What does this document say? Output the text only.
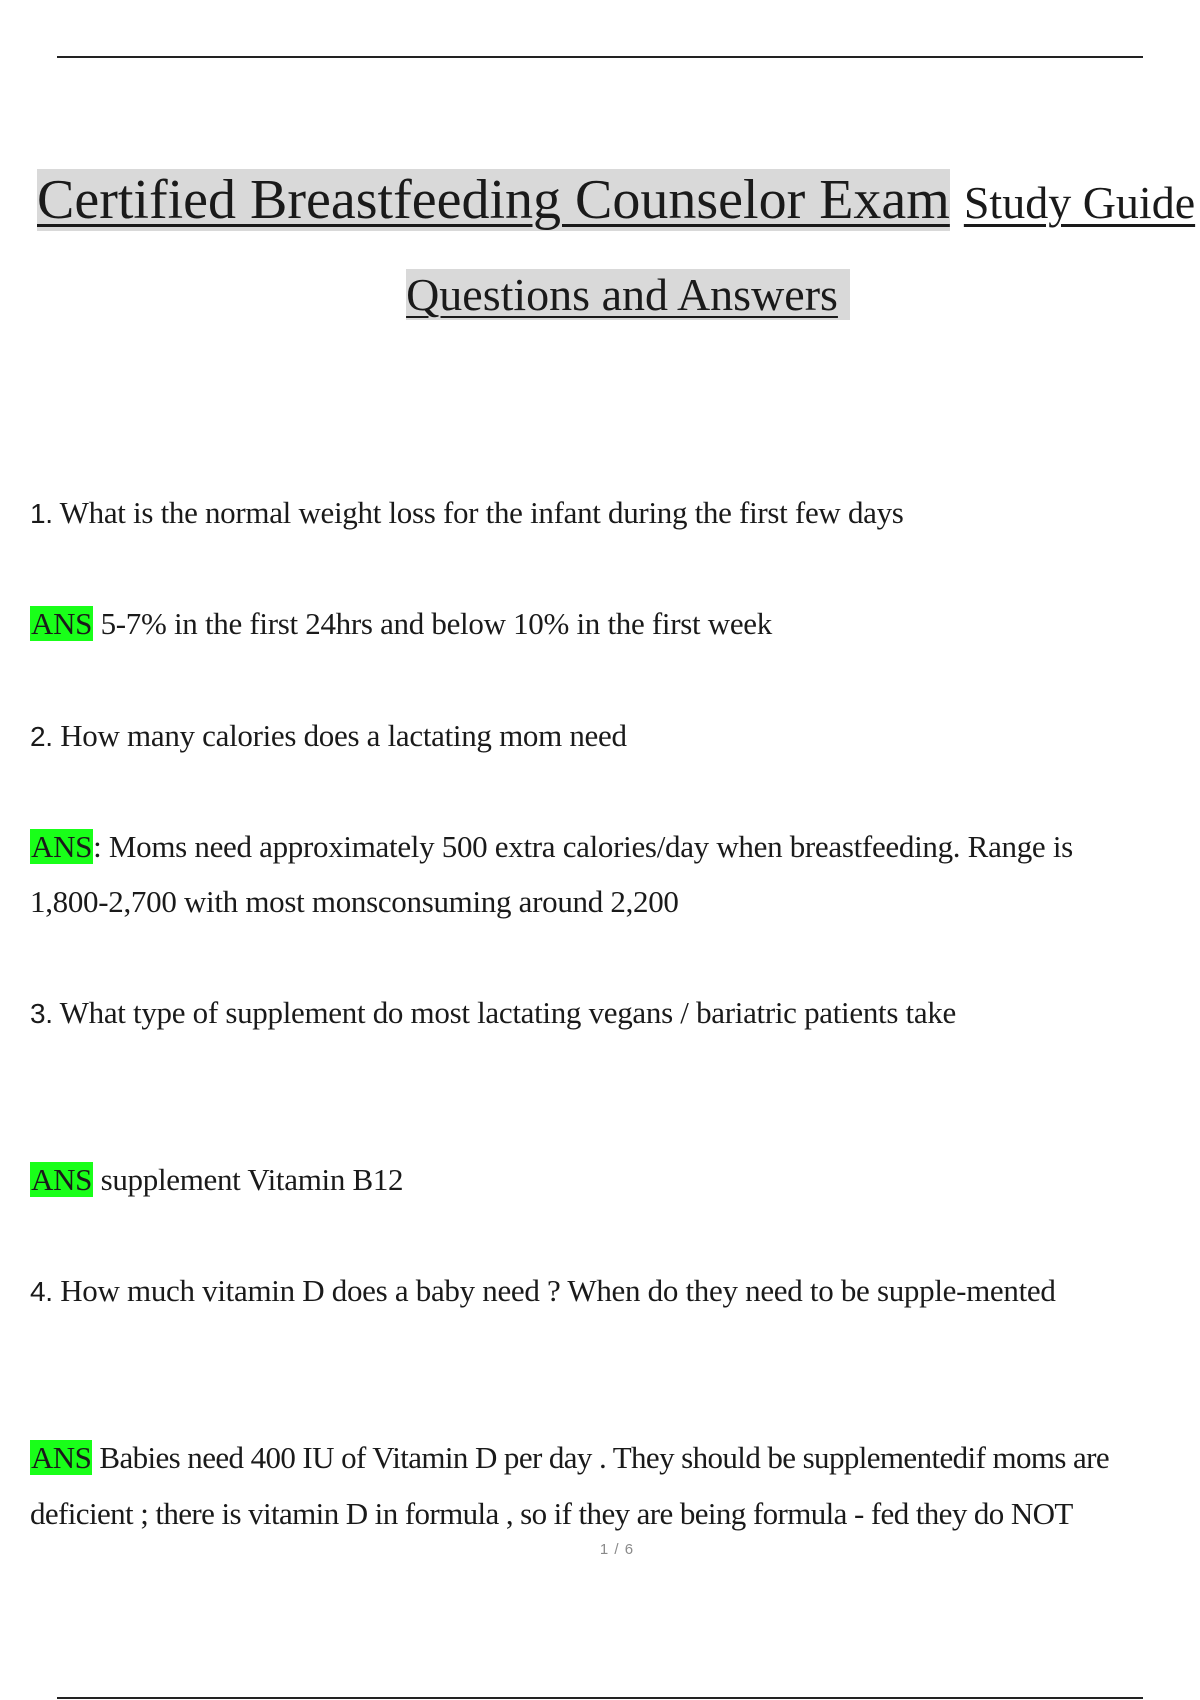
Certified Breastfeeding Counselor Exam Study Guide
Questions and Answers
1. What is the normal weight loss for the infant during the first few days
ANS 5-7% in the first 24hrs and below 10% in the first week
2. How many calories does a lactating mom need
ANS: Moms need approximately 500 extra calories/day when breastfeeding. Range is
1,800-2,700 with most monsconsuming around 2,200
3. What type of supplement do most lactating vegans / bariatric patients take
ANS supplement Vitamin B12
4. How much vitamin D does a baby need ? When do they need to be supple-mented
ANS Babies need 400 IU of Vitamin D per day . They should be supplementedif moms are
deficient ; there is vitamin D in formula , so if they are being formula - fed they do NOT
1 / 6
